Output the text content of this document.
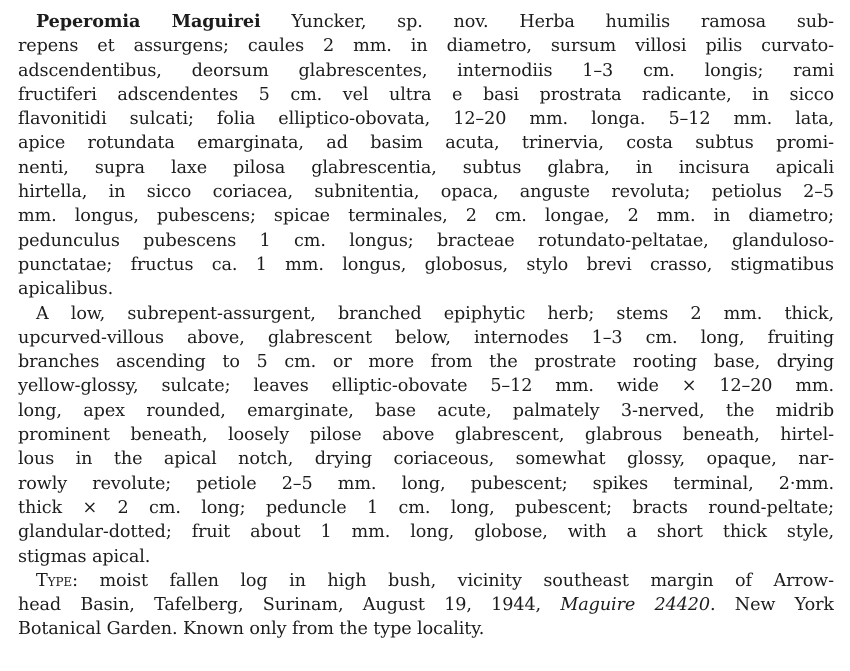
Peperomia Maguirei Yuncker, sp. nov. Herba humilis ramosa sub-
repens et assurgens; caules 2 mm. in diametro, sursum villosi pilis curvato-
adscendentibus, deorsum glabrescentes, internodiis 1–3 cm. longis; rami
fructiferi adscendentes 5 cm. vel ultra e basi prostrata radicante, in sicco
flavonitidi sulcati; folia elliptico-obovata, 12–20 mm. longa. 5–12 mm. lata,
apice rotundata emarginata, ad basim acuta, trinervia, costa subtus promi-
nenti, supra laxe pilosa glabrescentia, subtus glabra, in incisura apicali
hirtella, in sicco coriacea, subnitentia, opaca, anguste revoluta; petiolus 2–5
mm. longus, pubescens; spicae terminales, 2 cm. longae, 2 mm. in diametro;
pedunculus pubescens 1 cm. longus; bracteae rotundato-peltatae, glanduloso-
punctatae; fructus ca. 1 mm. longus, globosus, stylo brevi crasso, stigmatibus
apicalibus.

A low, subrepent-assurgent, branched epiphytic herb; stems 2 mm. thick,
upcurved-villous above, glabrescent below, internodes 1–3 cm. long, fruiting
branches ascending to 5 cm. or more from the prostrate rooting base, drying
yellow-glossy, sulcate; leaves elliptic-obovate 5–12 mm. wide × 12–20 mm.
long, apex rounded, emarginate, base acute, palmately 3-nerved, the midrib
prominent beneath, loosely pilose above glabrescent, glabrous beneath, hirtel-
lous in the apical notch, drying coriaceous, somewhat glossy, opaque, nar-
rowly revolute; petiole 2–5 mm. long, pubescent; spikes terminal, 2·mm.
thick × 2 cm. long; peduncle 1 cm. long, pubescent; bracts round-peltate;
glandular-dotted; fruit about 1 mm. long, globose, with a short thick style,
stigmas apical.

Type: moist fallen log in high bush, vicinity southeast margin of Arrow-
head Basin, Tafelberg, Surinam, August 19, 1944, Maguire 24420. New York
Botanical Garden. Known only from the type locality.
